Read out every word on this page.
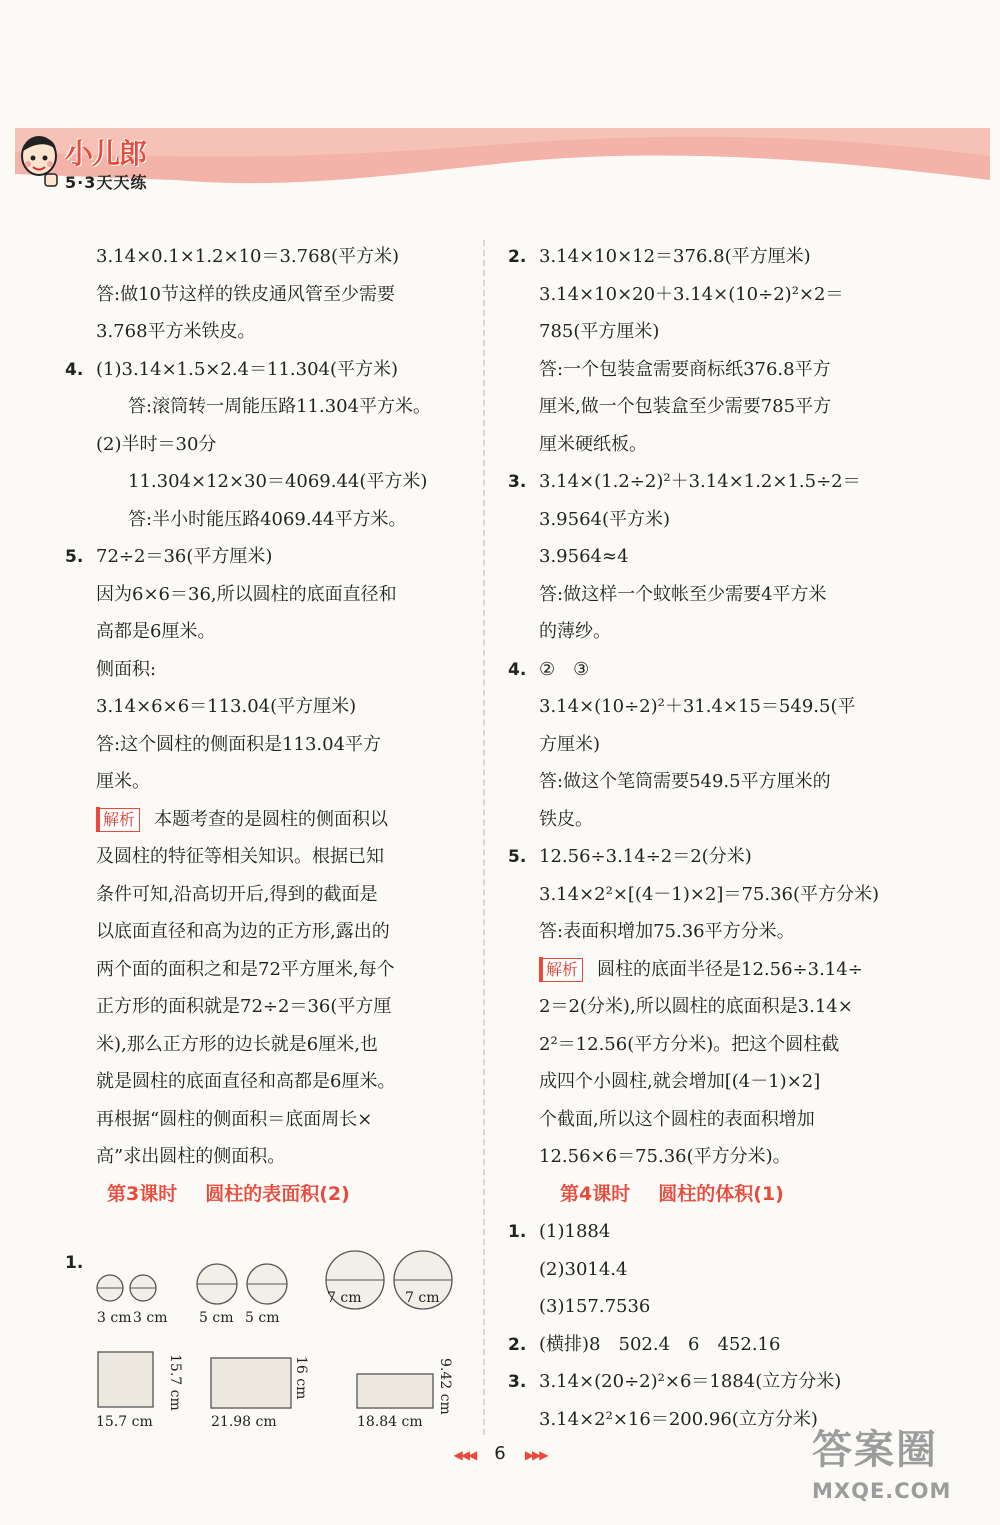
小儿郎
5·3天天练
3.14×0.1×1.2×10＝3.768(平方米)
答:做10节这样的铁皮通风管至少需要
3.768平方米铁皮。
4. (1)3.14×1.5×2.4＝11.304(平方米)
答:滚筒转一周能压路11.304平方米。
(2)半时＝30分
11.304×12×30＝4069.44(平方米)
答:半小时能压路4069.44平方米。
5. 72÷2＝36(平方厘米)
因为6×6＝36,所以圆柱的底面直径和
高都是6厘米。
侧面积:
3.14×6×6＝113.04(平方厘米)
答:这个圆柱的侧面积是113.04平方
厘米。
解析 本题考查的是圆柱的侧面积以
及圆柱的特征等相关知识。根据已知
条件可知,沿高切开后,得到的截面是
以底面直径和高为边的正方形,露出的
两个面的面积之和是72平方厘米,每个
正方形的面积就是72÷2＝36(平方厘
米),那么正方形的边长就是6厘米,也
就是圆柱的底面直径和高都是6厘米。
再根据“圆柱的侧面积＝底面周长×
高”求出圆柱的侧面积。
第3课时 圆柱的表面积(2)
1.
3 cm 3 cm 5 cm 5 cm
7 cm	7 cm
15.7 cm
15.7 cm
21.98 cm
16 cm
18.84 cm
9.42 cm
2. 3.14×10×12＝376.8(平方厘米)
3.14×10×20＋3.14×(10÷2)²×2＝
785(平方厘米)
答:一个包装盒需要商标纸376.8平方
厘米,做一个包装盒至少需要785平方
厘米硬纸板。
3. 3.14×(1.2÷2)²＋3.14×1.2×1.5÷2＝
3.9564(平方米)
3.9564≈4
答:做这样一个蚊帐至少需要4平方米
的薄纱。
4. ②　③
3.14×(10÷2)²＋31.4×15＝549.5(平
方厘米)
答:做这个笔筒需要549.5平方厘米的
铁皮。
5. 12.56÷3.14÷2＝2(分米)
3.14×2²×[(4－1)×2]＝75.36(平方分米)
答:表面积增加75.36平方分米。
解析 圆柱的底面半径是12.56÷3.14÷
2＝2(分米),所以圆柱的底面积是3.14×
2²＝12.56(平方分米)。把这个圆柱截
成四个小圆柱,就会增加[(4－1)×2]
个截面,所以这个圆柱的表面积增加
12.56×6＝75.36(平方分米)。
第4课时 圆柱的体积(1)
1. (1)1884
(2)3014.4
(3)157.7536
2. (横排)8　502.4　6　452.16
3. 3.14×(20÷2)²×6＝1884(立方分米)
3.14×2²×16＝200.96(立方分米)
◀◀◀ 6 ▶▶▶	答案圈
MXQE.COM
